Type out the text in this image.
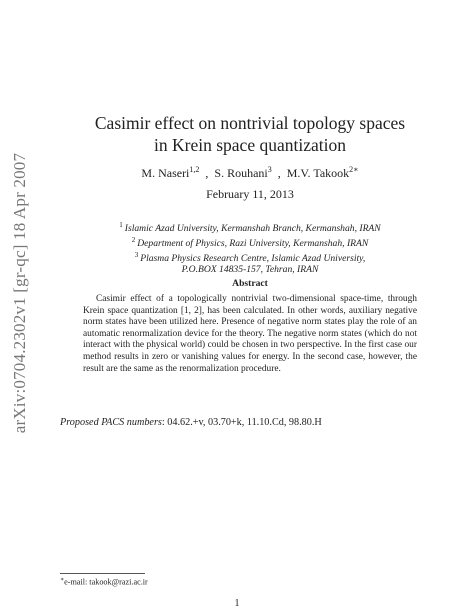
arXiv:0704.2302v1 [gr-qc] 18 Apr 2007
Casimir effect on nontrivial topology spaces
in Krein space quantization
M. Naseri$^{1,2}$  ,  S. Rouhani$^3$  ,  M.V. Takook$^{2∗}$
February 11, 2013
$^1$ Islamic Azad University, Kermanshah Branch, Kermanshah, IRAN
$^2$ Department of Physics, Razi University, Kermanshah, IRAN
$^3$ Plasma Physics Research Centre, Islamic Azad University,
P.O.BOX 14835-157, Tehran, IRAN
Abstract
Casimir effect of a topologically nontrivial two-dimensional space-time, through Krein space quantization [1, 2], has been calculated. In other words, auxiliary negative norm states have been utilized here. Presence of negative norm states play the role of an automatic renormalization device for the theory. The negative norm states (which do not interact with the physical world) could be chosen in two perspective. In the first case our method results in zero or vanishing values for energy. In the second case, however, the result are the same as the renormalization procedure.
Proposed PACS numbers: 04.62.+v, 03.70+k, 11.10.Cd, 98.80.H
∗e-mail: takook@razi.ac.ir
1
